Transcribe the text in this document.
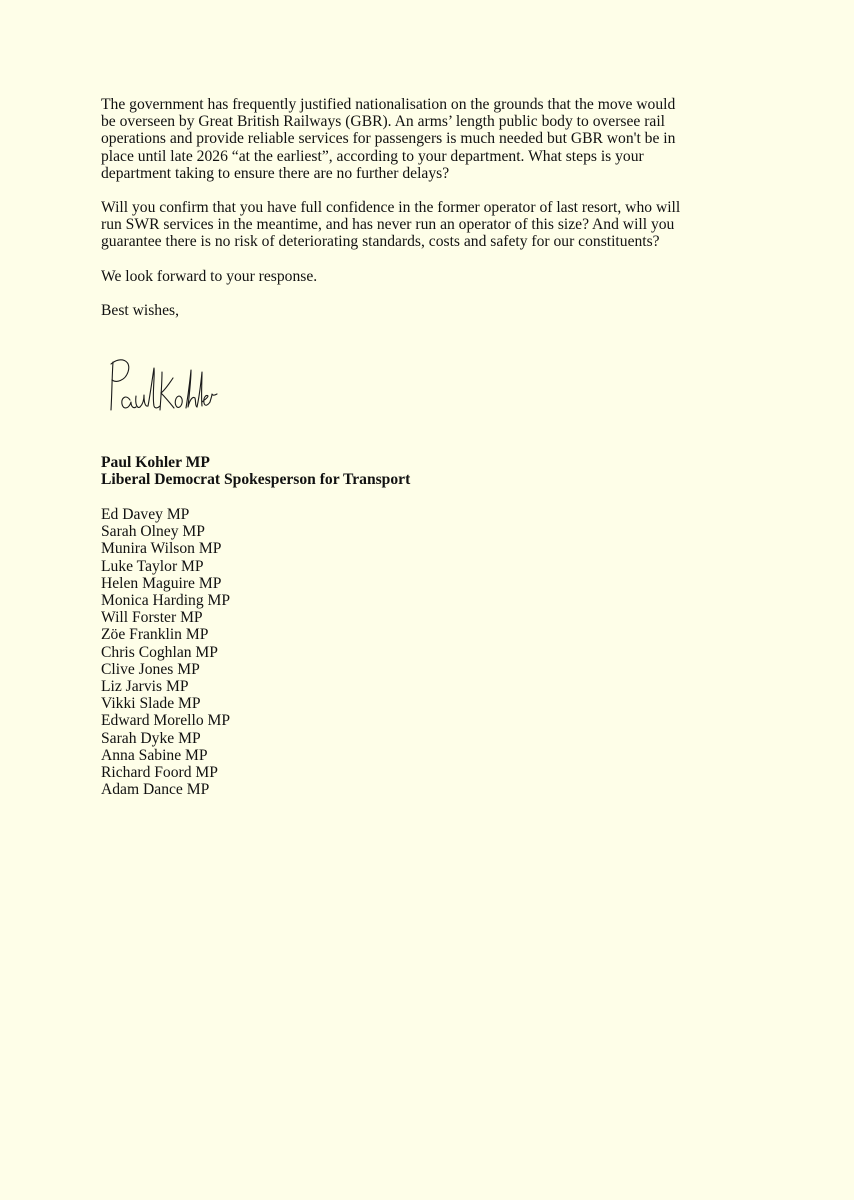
The government has frequently justified nationalisation on the grounds that the move would
be overseen by Great British Railways (GBR). An arms’ length public body to oversee rail
operations and provide reliable services for passengers is much needed but GBR won't be in
place until late 2026 “at the earliest”, according to your department. What steps is your
department taking to ensure there are no further delays?

Will you confirm that you have full confidence in the former operator of last resort, who will
run SWR services in the meantime, and has never run an operator of this size? And will you
guarantee there is no risk of deteriorating standards, costs and safety for our constituents?

We look forward to your response.

Best wishes,

Paul Kohler MP
Liberal Democrat Spokesperson for Transport
Ed Davey MP
Sarah Olney MP
Munira Wilson MP
Luke Taylor MP
Helen Maguire MP
Monica Harding MP
Will Forster MP
Zöe Franklin MP
Chris Coghlan MP
Clive Jones MP
Liz Jarvis MP
Vikki Slade MP
Edward Morello MP
Sarah Dyke MP
Anna Sabine MP
Richard Foord MP
Adam Dance MP
